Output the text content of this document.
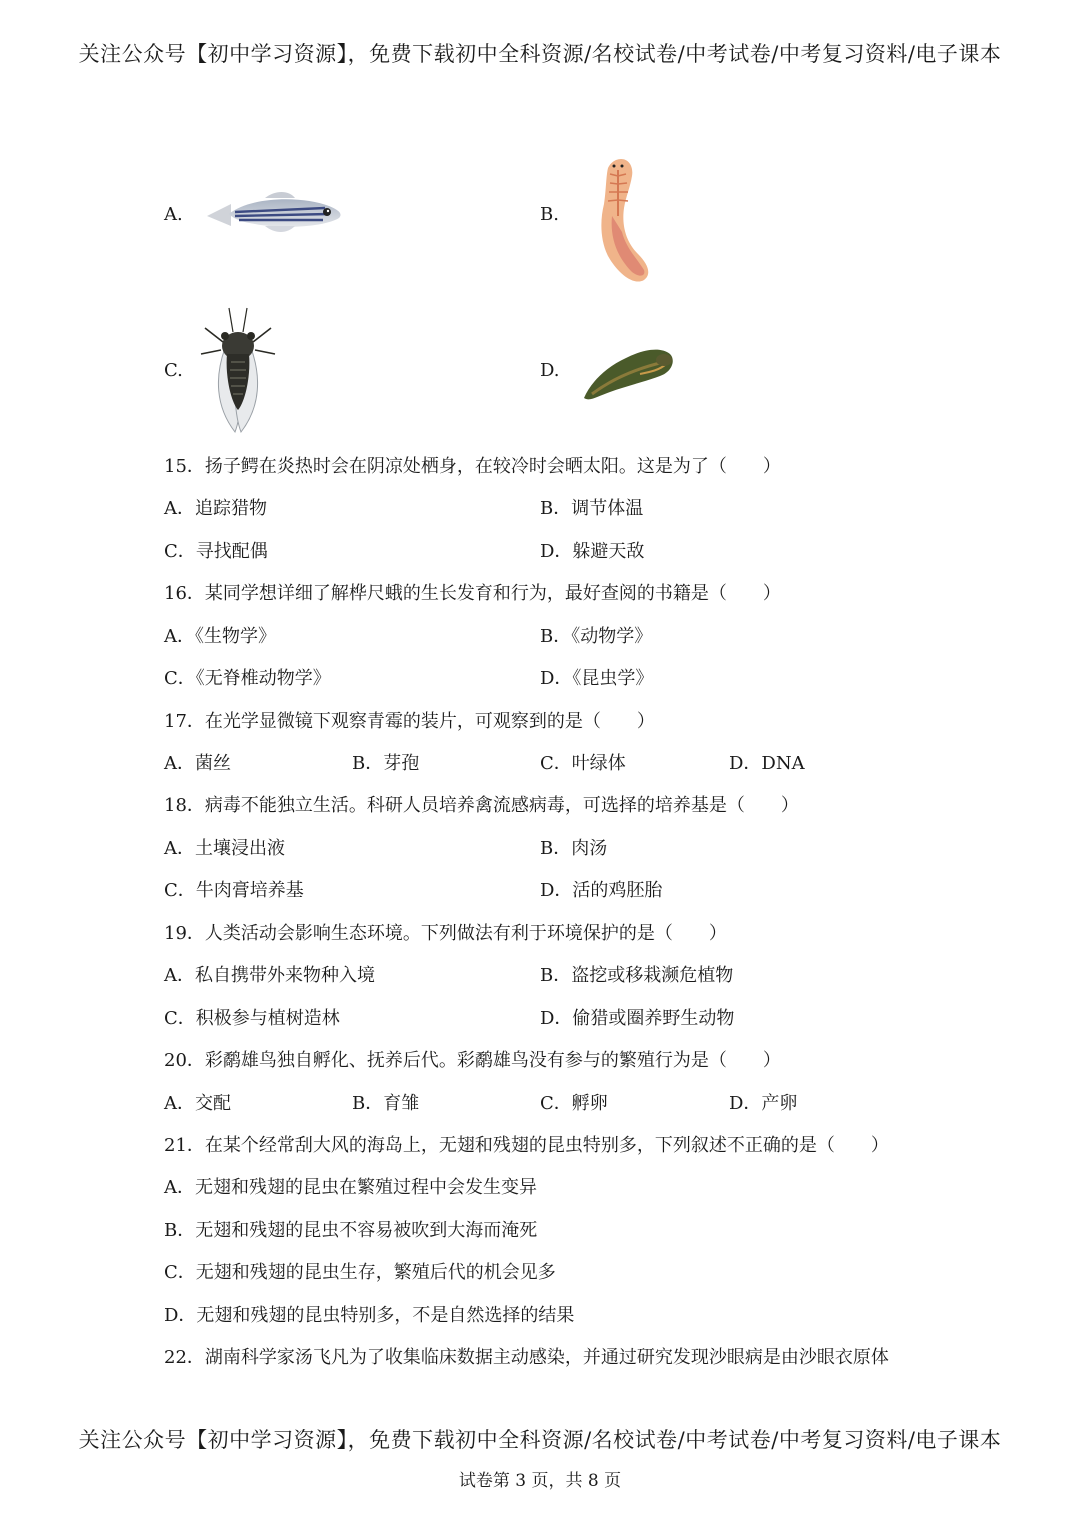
关注公众号【初中学习资源】，免费下载初中全科资源/名校试卷/中考试卷/中考复习资料/电子课本
A.	B.
C.	D.
15．扬子鳄在炎热时会在阴凉处栖身，在较冷时会晒太阳。这是为了（　　）
A．追踪猎物	B．调节体温
C．寻找配偶	D．躲避天敌
16．某同学想详细了解桦尺蛾的生长发育和行为，最好查阅的书籍是（　　）
A．《生物学》	B．《动物学》
C．《无脊椎动物学》	D．《昆虫学》
17．在光学显微镜下观察青霉的装片，可观察到的是（　　）
A．菌丝	B．芽孢	C．叶绿体	D．DNA
18．病毒不能独立生活。科研人员培养禽流感病毒，可选择的培养基是（　　）
A．土壤浸出液	B．肉汤
C．牛肉膏培养基	D．活的鸡胚胎
19．人类活动会影响生态环境。下列做法有利于环境保护的是（　　）
A．私自携带外来物种入境	B．盗挖或移栽濒危植物
C．积极参与植树造林	D．偷猎或圈养野生动物
20．彩鹬雄鸟独自孵化、抚养后代。彩鹬雄鸟没有参与的繁殖行为是（　　）
A．交配	B．育雏	C．孵卵	D．产卵
21．在某个经常刮大风的海岛上，无翅和残翅的昆虫特别多，下列叙述不正确的是（　　）
A．无翅和残翅的昆虫在繁殖过程中会发生变异
B．无翅和残翅的昆虫不容易被吹到大海而淹死
C．无翅和残翅的昆虫生存，繁殖后代的机会见多
D．无翅和残翅的昆虫特别多，不是自然选择的结果
22．湖南科学家汤飞凡为了收集临床数据主动感染，并通过研究发现沙眼病是由沙眼衣原体
关注公众号【初中学习资源】，免费下载初中全科资源/名校试卷/中考试卷/中考复习资料/电子课本
试卷第 3 页，共 8 页
